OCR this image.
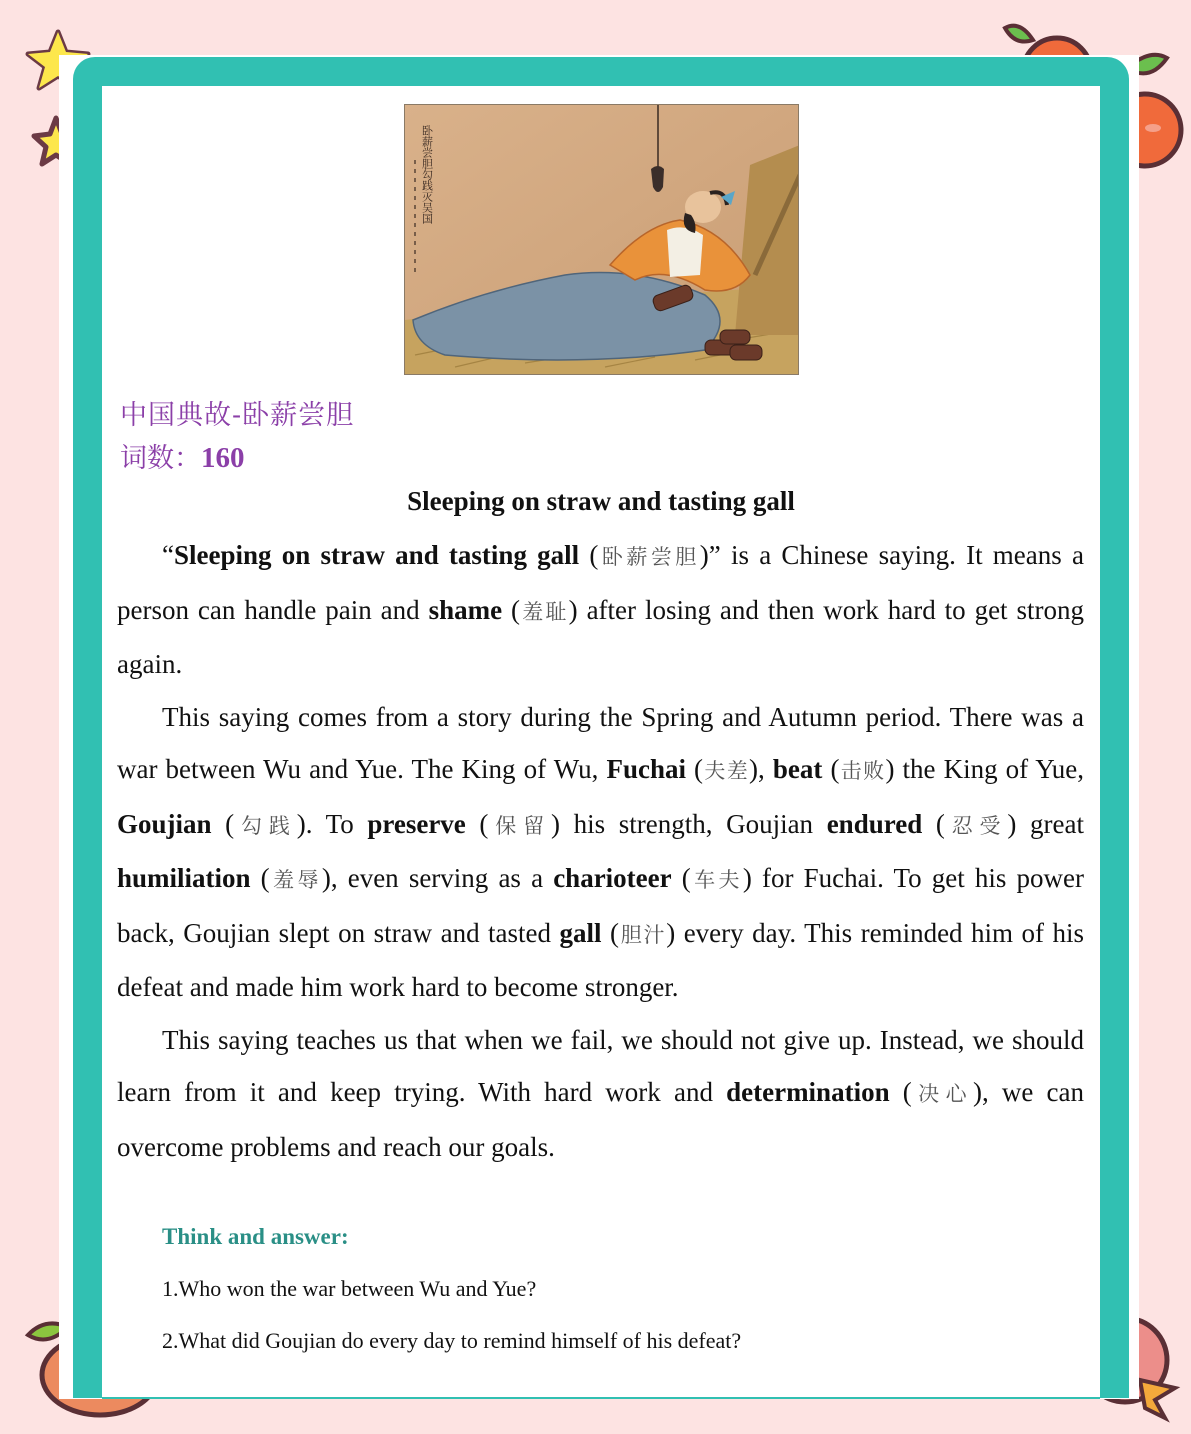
卧薪尝胆勾践灭吴国
中国典故-卧薪尝胆
词数：160
Sleeping on straw and tasting gall

“Sleeping on straw and tasting gall (卧薪尝胆)” is a Chinese saying. It means a person can handle pain and shame (羞耻) after losing and then work hard to get strong again.

This saying comes from a story during the Spring and Autumn period. There was a war between Wu and Yue. The King of Wu, Fuchai (夫差), beat (击败) the King of Yue, Goujian (勾践). To preserve (保留) his strength, Goujian endured (忍受) great humiliation (羞辱), even serving as a charioteer (车夫) for Fuchai. To get his power back, Goujian slept on straw and tasted gall (胆汁) every day. This reminded him of his defeat and made him work hard to become stronger.

This saying teaches us that when we fail, we should not give up. Instead, we should learn from it and keep trying. With hard work and determination (决心), we can overcome problems and reach our goals.

Think and answer:
1.Who won the war between Wu and Yue?
2.What did Goujian do every day to remind himself of his defeat?
